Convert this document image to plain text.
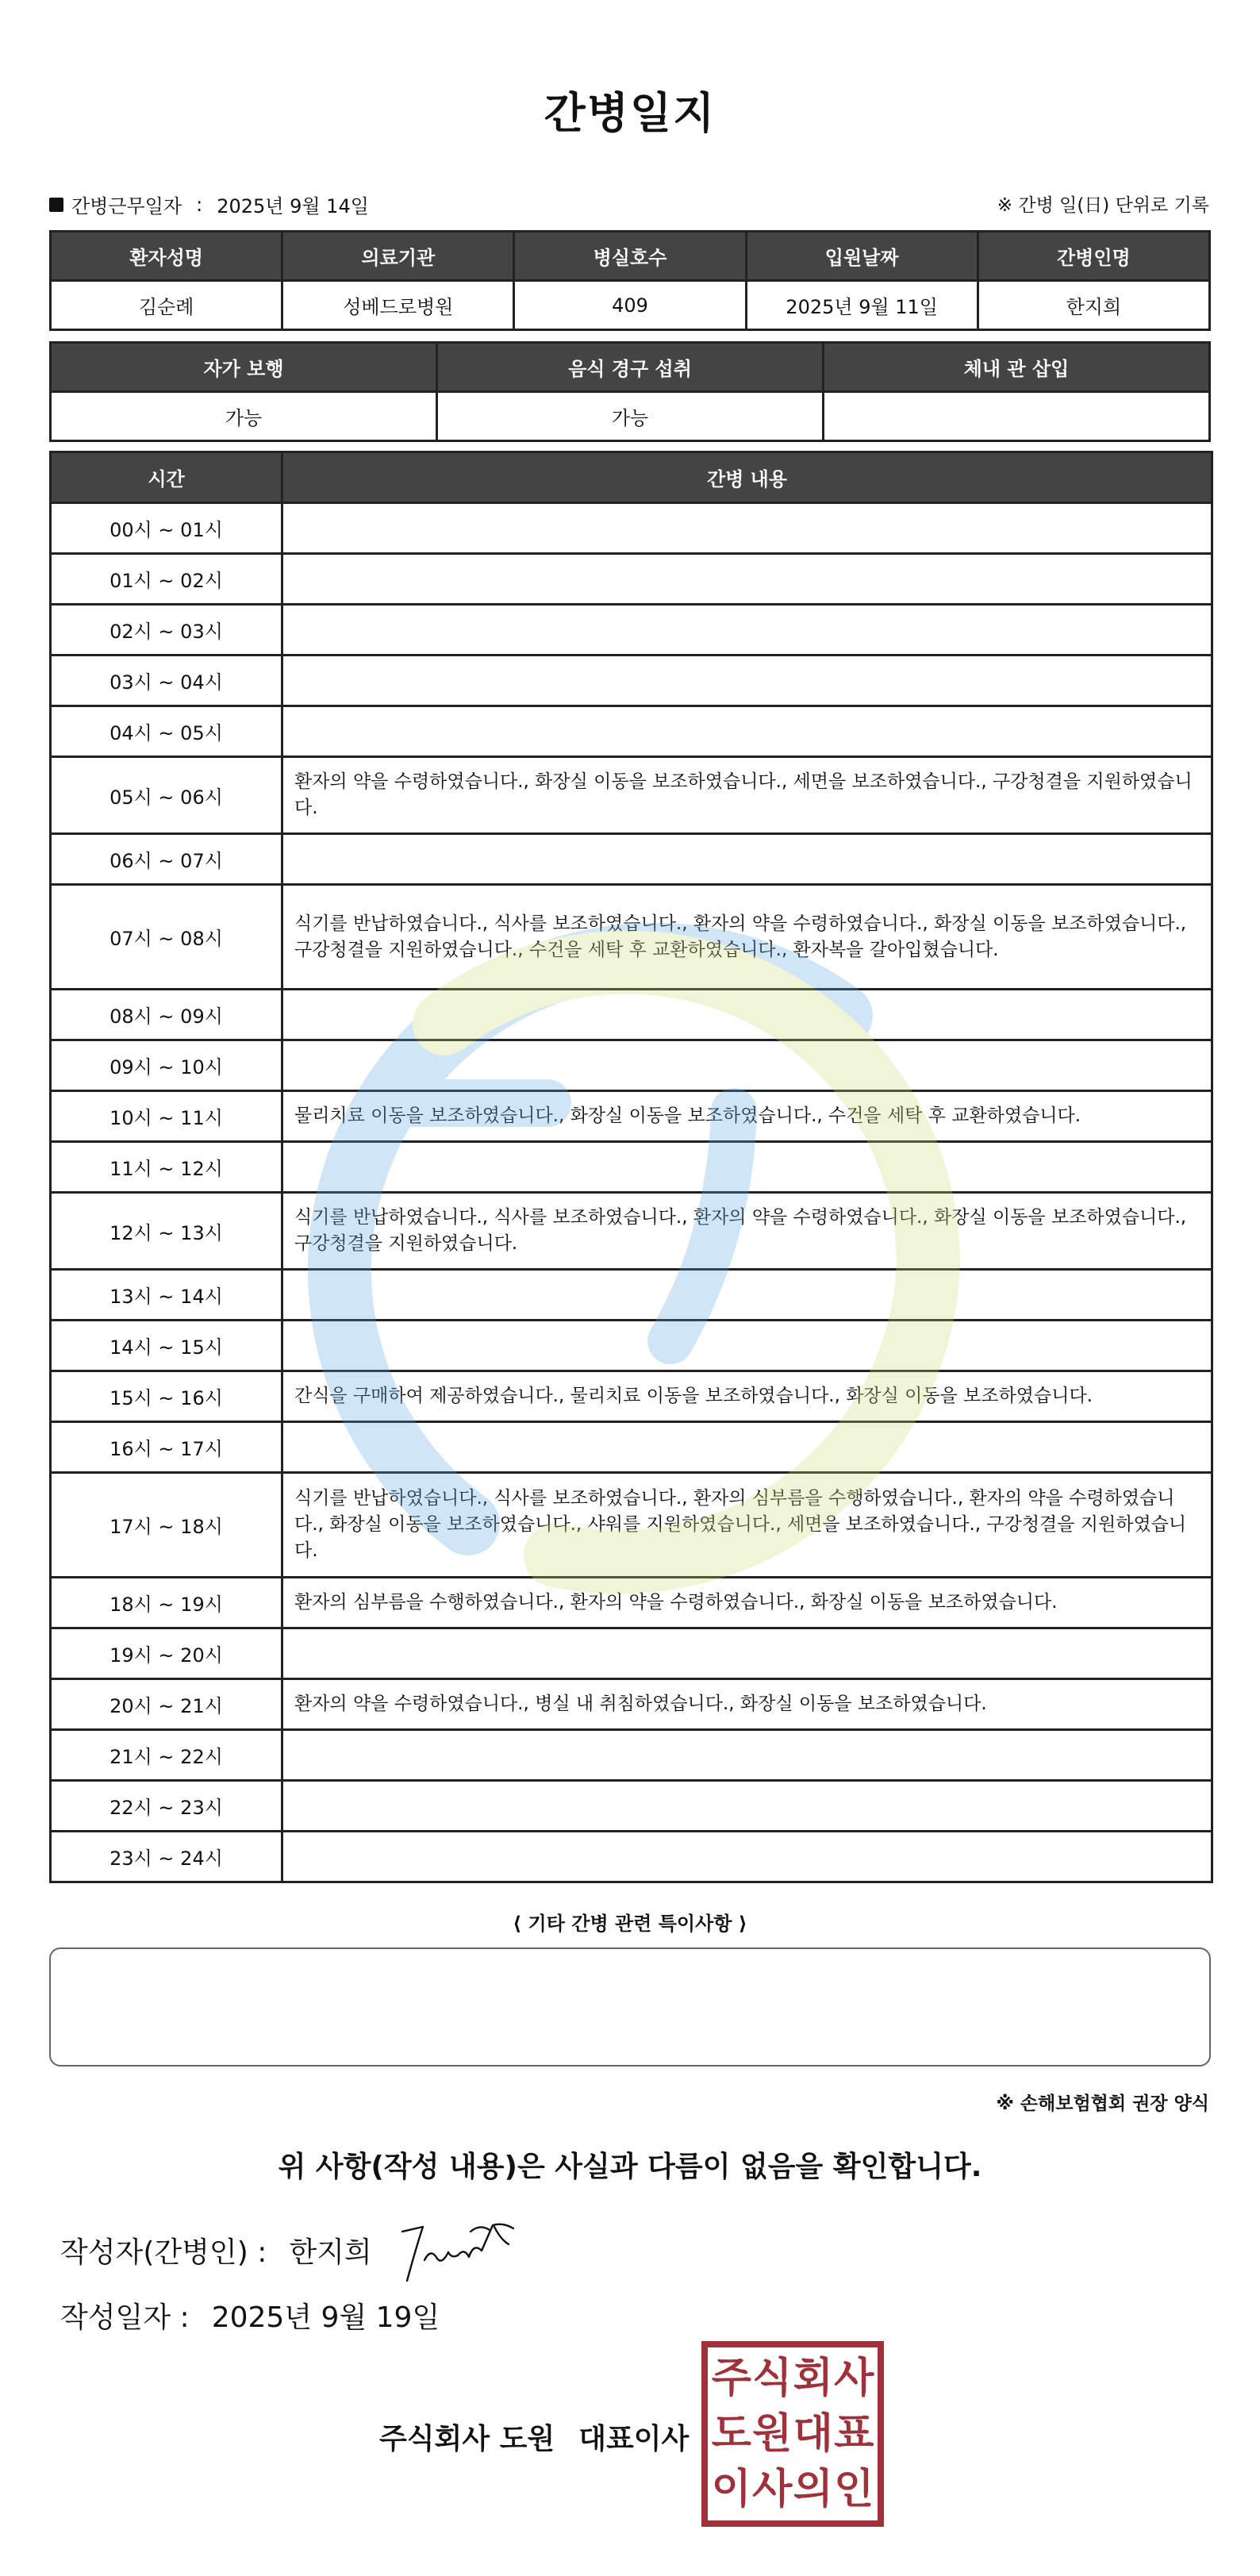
간병일지
간병근무일자 : 2025년 9월 14일	※ 간병 일(日) 단위로 기록
환자성명	의료기관	병실호수	입원날짜	간병인명
김순례	성베드로병원	409	2025년 9월 11일	한지희
자가 보행	음식 경구 섭취	체내 관 삽입
가능	가능	
시간	간병 내용
00시 ~ 01시	
01시 ~ 02시	
02시 ~ 03시	
03시 ~ 04시	
04시 ~ 05시	
05시 ~ 06시	환자의 약을 수령하였습니다., 화장실 이동을 보조하였습니다., 세면을 보조하였습니다., 구강청결을 지원하였습니다.
06시 ~ 07시	
07시 ~ 08시	식기를 반납하였습니다., 식사를 보조하였습니다., 환자의 약을 수령하였습니다., 화장실 이동을 보조하였습니다., 구강청결을 지원하였습니다., 수건을 세탁 후 교환하였습니다., 환자복을 갈아입혔습니다.
08시 ~ 09시	
09시 ~ 10시	
10시 ~ 11시	물리치료 이동을 보조하였습니다., 화장실 이동을 보조하였습니다., 수건을 세탁 후 교환하였습니다.
11시 ~ 12시	
12시 ~ 13시	식기를 반납하였습니다., 식사를 보조하였습니다., 환자의 약을 수령하였습니다., 화장실 이동을 보조하였습니다., 구강청결을 지원하였습니다.
13시 ~ 14시	
14시 ~ 15시	
15시 ~ 16시	간식을 구매하여 제공하였습니다., 물리치료 이동을 보조하였습니다., 화장실 이동을 보조하였습니다.
16시 ~ 17시	
17시 ~ 18시	식기를 반납하였습니다., 식사를 보조하였습니다., 환자의 심부름을 수행하였습니다., 환자의 약을 수령하였습니다., 화장실 이동을 보조하였습니다., 샤워를 지원하였습니다., 세면을 보조하였습니다., 구강청결을 지원하였습니다.
18시 ~ 19시	환자의 심부름을 수행하였습니다., 환자의 약을 수령하였습니다., 화장실 이동을 보조하였습니다.
19시 ~ 20시	
20시 ~ 21시	환자의 약을 수령하였습니다., 병실 내 취침하였습니다., 화장실 이동을 보조하였습니다.
21시 ~ 22시	
22시 ~ 23시	
23시 ~ 24시	
⟨ 기타 간병 관련 특이사항 ⟩
※ 손해보험협회 권장 양식
위 사항(작성 내용)은 사실과 다름이 없음을 확인합니다.
작성자(간병인) : 한지희
작성일자 : 2025년 9월 19일
주식회사 도원 대표이사
주 식 회 사
도 원 대 표
이 사 의 인
